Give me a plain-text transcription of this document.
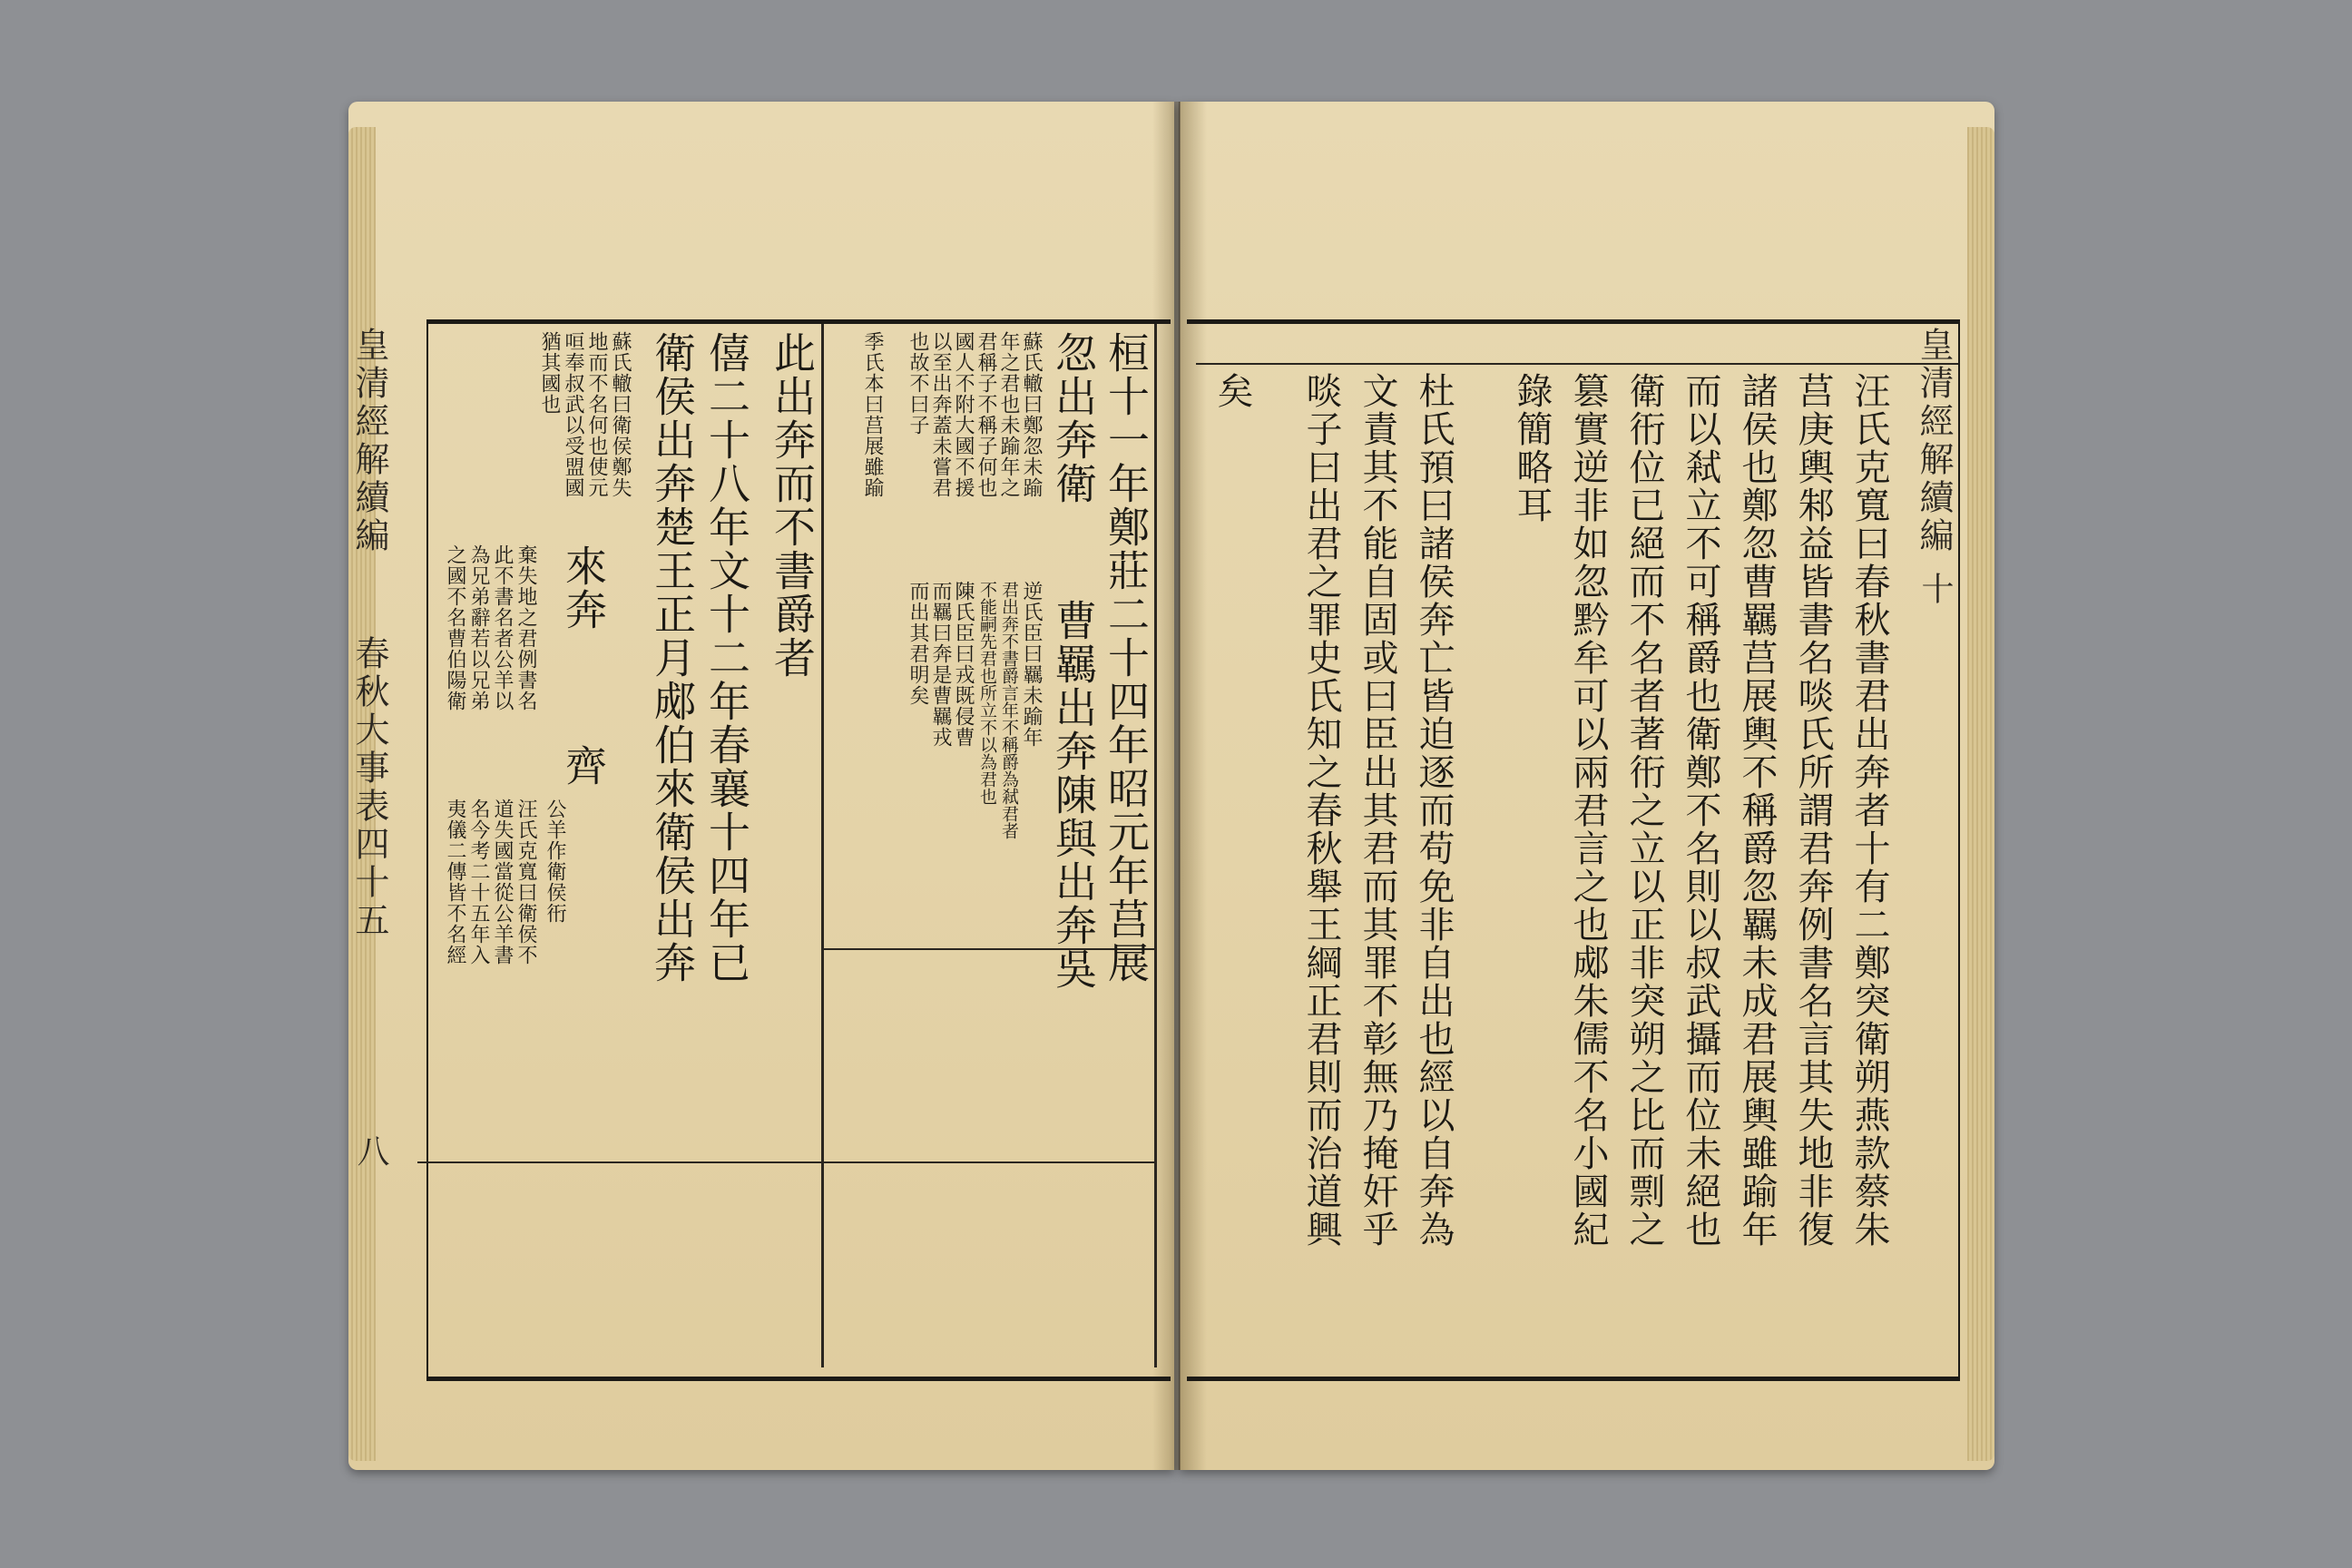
皇清經解續編
春秋大事表四十五
八
桓十一年鄭莊二十四年昭元年莒展
忽出奔衛
曹羈出奔陳與出奔吳
此出奔而不書爵者
僖二十八年文十二年春襄十四年已
衛侯出奔楚王正月郕伯來衛侯出奔
來奔
齊
蘇氏轍曰鄭忽未踰
年之君也未踰年之
君稱子不稱子何也
國人不附大國不援
以至出奔蓋未嘗君
也故不曰子
逆氏臣曰羈未踰年
君出奔不書爵言年不稱爵為弒君者
不能嗣先君也所立不以為君也
陳氏臣曰戎既侵曹
而羈曰奔是曹羈戎
而出其君明矣
季氏本曰莒展雖踰
蘇氏轍曰衛侯鄭失
地而不名何也使元
咺奉叔武以受盟國
猶其國也
棄失地之君例書名
此不書名者公羊以
為兄弟辭若以兄弟
之國不名曹伯陽衛
汪氏克寬曰衛侯不
道失國當從公羊書
名今考二十五年入
夷儀二傳皆不名經	公羊作衛侯衎
皇清經解續編
十
汪氏克寬曰春秋書君出奔者十有二鄭突衛朔燕款蔡朱
莒庚輿邾益皆書名啖氏所謂君奔例書名言其失地非復
諸侯也鄭忽曹羈莒展輿不稱爵忽羈未成君展輿雖踰年
而以弒立不可稱爵也衛鄭不名則以叔武攝而位未絕也
衛衎位已絕而不名者著衎之立以正非突朔之比而剽之
篡實逆非如忽黔牟可以兩君言之也郕朱儒不名小國紀
錄簡略耳
杜氏預曰諸侯奔亡皆迫逐而苟免非自出也經以自奔為
文責其不能自固或曰臣出其君而其罪不彰無乃掩奸乎
啖子曰出君之罪史氏知之春秋舉王綱正君則而治道興
矣
